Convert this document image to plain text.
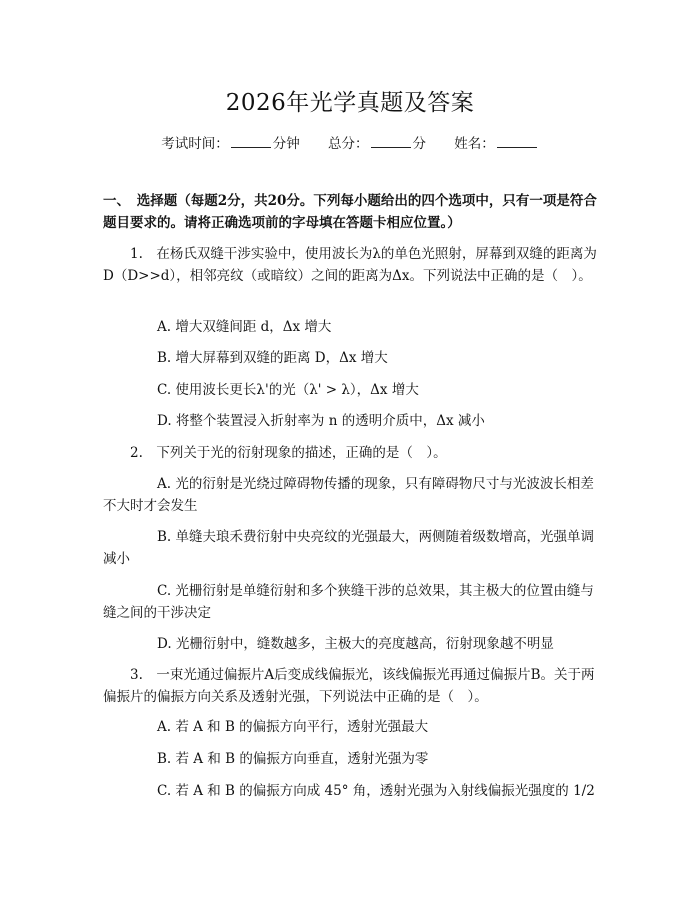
2026年光学真题及答案
考试时间：	分钟 总分：	分 姓名：
一、　选择题（每题2分，共20分。下列每小题给出的四个选项中，只有一项是符合题目要求的。请将正确选项前的字母填在答题卡相应位置。）
1.　在杨氏双缝干涉实验中，使用波长为λ的单色光照射，屏幕到双缝的距离为D（D>>d），相邻亮纹（或暗纹）之间的距离为Δx。下列说法中正确的是（　）。
A. 增大双缝间距 d，Δx 增大
B. 增大屏幕到双缝的距离 D，Δx 增大
C. 使用波长更长λ'的光（λ' > λ），Δx 增大
D. 将整个装置浸入折射率为 n 的透明介质中，Δx 减小
2.　下列关于光的衍射现象的描述，正确的是（　）。
A. 光的衍射是光绕过障碍物传播的现象，只有障碍物尺寸与光波波长相差不大时才会发生
B. 单缝夫琅禾费衍射中央亮纹的光强最大，两侧随着级数增高，光强单调减小
C. 光栅衍射是单缝衍射和多个狭缝干涉的总效果，其主极大的位置由缝与缝之间的干涉决定
D. 光栅衍射中，缝数越多，主极大的亮度越高，衍射现象越不明显
3.　一束光通过偏振片A后变成线偏振光，该线偏振光再通过偏振片B。关于两偏振片的偏振方向关系及透射光强，下列说法中正确的是（　）。
A. 若 A 和 B 的偏振方向平行，透射光强最大
B. 若 A 和 B 的偏振方向垂直，透射光强为零
C. 若 A 和 B 的偏振方向成 45° 角，透射光强为入射线偏振光强度的 1/2
